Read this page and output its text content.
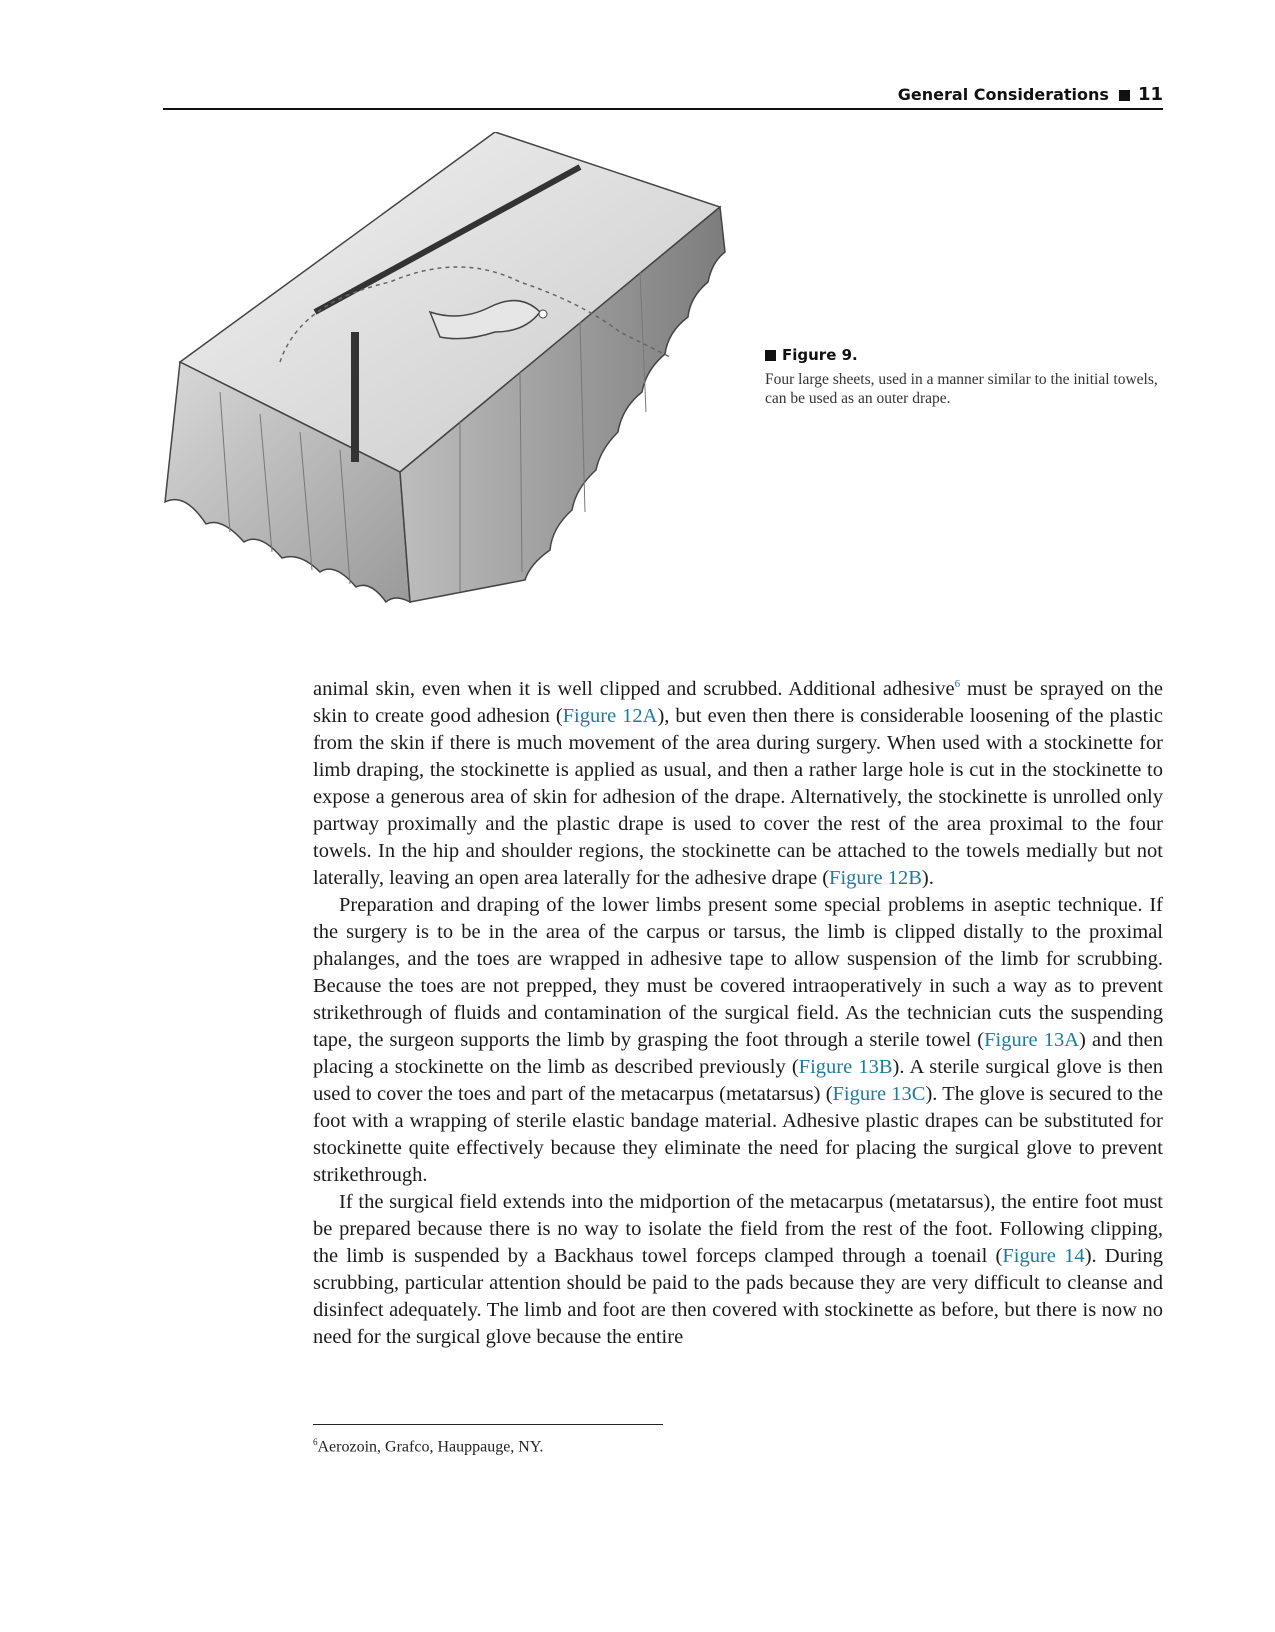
General Considerations 11
Figure 9.
Four large sheets, used in a manner similar to the initial towels, can be used as an outer drape.

animal skin, even when it is well clipped and scrubbed. Additional adhesive$^6$ must be sprayed on the skin to create good adhesion (Figure 12A), but even then there is considerable loosening of the plastic from the skin if there is much movement of the area during surgery. When used with a stockinette for limb draping, the stockinette is applied as usual, and then a rather large hole is cut in the stockinette to expose a generous area of skin for adhesion of the drape. Alternatively, the stockinette is unrolled only partway proximally and the plastic drape is used to cover the rest of the area proximal to the four towels. In the hip and shoulder regions, the stockinette can be attached to the towels medially but not laterally, leaving an open area laterally for the adhesive drape (Figure 12B).

Preparation and draping of the lower limbs present some special problems in aseptic technique. If the surgery is to be in the area of the carpus or tarsus, the limb is clipped distally to the proximal phalanges, and the toes are wrapped in adhesive tape to allow suspension of the limb for scrubbing. Because the toes are not prepped, they must be covered intraoperatively in such a way as to prevent strikethrough of fluids and contamination of the surgical field. As the technician cuts the suspending tape, the surgeon supports the limb by grasping the foot through a sterile towel (Figure 13A) and then placing a stockinette on the limb as described previously (Figure 13B). A sterile surgical glove is then used to cover the toes and part of the metacarpus (metatarsus) (Figure 13C). The glove is secured to the foot with a wrapping of sterile elastic bandage material. Adhesive plastic drapes can be substituted for stockinette quite effectively because they eliminate the need for placing the surgical glove to prevent strikethrough.

If the surgical field extends into the midportion of the metacarpus (metatarsus), the entire foot must be prepared because there is no way to isolate the field from the rest of the foot. Following clipping, the limb is suspended by a Backhaus towel forceps clamped through a toenail (Figure 14). During scrubbing, particular attention should be paid to the pads because they are very difficult to cleanse and disinfect adequately. The limb and foot are then covered with stockinette as before, but there is now no need for the surgical glove because the entire

$^6$Aerozoin, Grafco, Hauppauge, NY.
